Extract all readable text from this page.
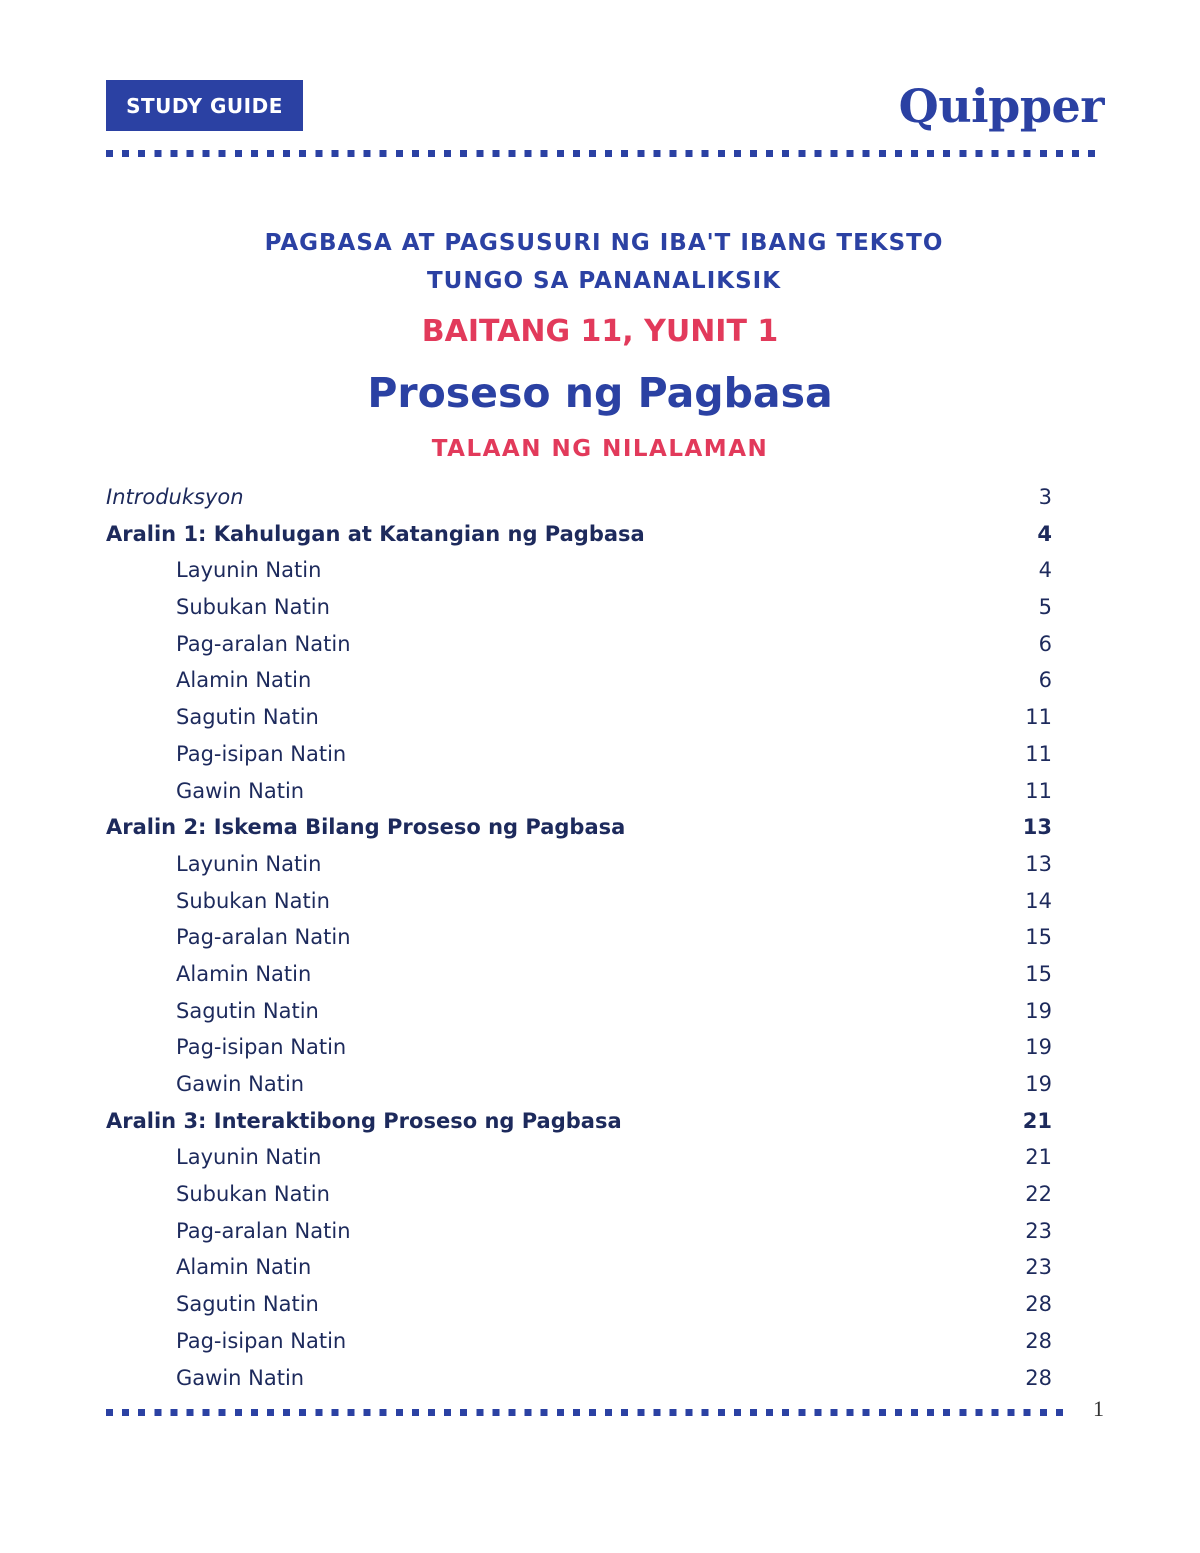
STUDY GUIDE	Quipper
PAGBASA AT PAGSUSURI NG IBA'T IBANG TEKSTO
TUNGO SA PANANALIKSIK
BAITANG 11, YUNIT 1
Proseso ng Pagbasa
TALAAN NG NILALAMAN
Introduksyon	3
Aralin 1: Kahulugan at Katangian ng Pagbasa	4
Layunin Natin	4
Subukan Natin	5
Pag-aralan Natin	6
Alamin Natin	6
Sagutin Natin	11
Pag-isipan Natin	11
Gawin Natin	11
Aralin 2: Iskema Bilang Proseso ng Pagbasa	13
Layunin Natin	13
Subukan Natin	14
Pag-aralan Natin	15
Alamin Natin	15
Sagutin Natin	19
Pag-isipan Natin	19
Gawin Natin	19
Aralin 3: Interaktibong Proseso ng Pagbasa	21
Layunin Natin	21
Subukan Natin	22
Pag-aralan Natin	23
Alamin Natin	23
Sagutin Natin	28
Pag-isipan Natin	28
Gawin Natin	28
1
